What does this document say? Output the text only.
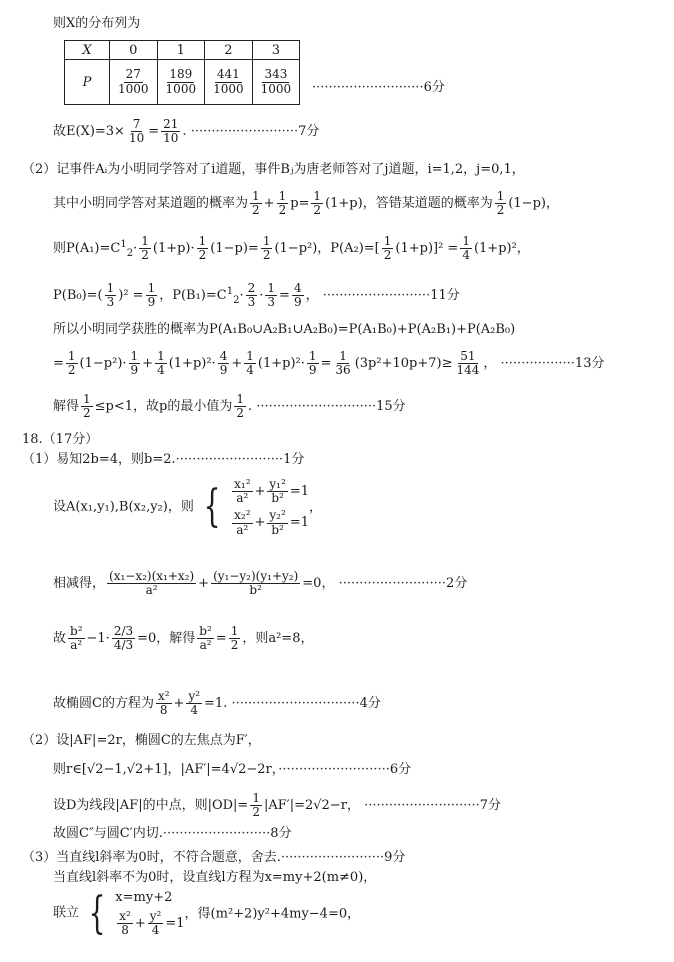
则X的分布列为
X	0	1	2	3
P	$\frac{27}{1000}$	$\frac{189}{1000}$	$\frac{441}{1000}$	$\frac{343}{1000} \cdot\cdot\cdot\cdot\cdot\cdot\cdot\cdot\cdot\cdot\cdot\cdot\cdot\cdot\cdot\cdot\cdot\cdot\cdot\cdot\cdot\cdot\cdot\cdot\cdot\cdot\cdot 6$分
故$E(X)=3\times \frac{7}{10} = \frac{21}{10}$ . ··························7分
（2）记事件Aᵢ为小明同学答对了i道题，事件Bⱼ为唐老师答对了j道题，i=1,2，j=0,1，
其中小明同学答对某道题的概率为 $\frac{1}{2} + \frac{1}{2} p= \frac{1}{2} (1+p)$，答错某道题的概率为 $\frac{1}{2} (1-p)$，
则$P(A_1)=C^1_2\cdot \frac{1}{2} (1+p)\cdot \frac{1}{2} (1-p)= \frac{1}{2} (1-p^2)$，$P(A_2)=[ \frac{1}{2} (1+p)]^2 = \frac{1}{4} (1+p)^2$，
$P(B_0)=( \frac{1}{3} )^2 = \frac{1}{9}$ ，$P(B_1)=C^1_2\cdot \frac{2}{3} \cdot \frac{1}{3} = \frac{4}{9}$ ， ··························11分
所以小明同学获胜的概率为P(A₁B₀∪A₂B₁∪A₂B₀)=P(A₁B₀)+P(A₂B₁)+P(A₂B₀)
= $\frac{1}{2} (1-p^2)\cdot \frac{1}{9} + \frac{1}{4} (1+p)^2\cdot \frac{4}{9} + \frac{1}{4} (1+p)^2\cdot \frac{1}{9} = \frac{1}{36} (3p^2+10p+7)\ge \frac{51}{144}$ ， ··················13分
解得 $\frac{1}{2} \le p<1$，故p的最小值为 $\frac{1}{2}$ . ·····························15分
18.（17分）
（1）易知2b=4，则b=2.··························1分
设A(x₁,y₁),B(x₂,y₂)，则 { $\frac{\text{x₁²}}{\text{a²}} + \frac{\text{y₁²}}{\text{b²}} =1$
$\frac{\text{x₂²}}{\text{a²}} + \frac{\text{y₂²}}{\text{b²}} =1$
，
相减得， $\frac{\text{(x₁−x₂)(x₁+x₂)}}{\text{a²}} + \frac{\text{(y₁−y₂)(y₁+y₂)}}{\text{b²}} =0$， ··························2分
故 $\frac{\text{b²}}{\text{a²}} -1\cdot \frac{2/3}{4/3} =0$，解得 $\frac{\text{b²}}{\text{a²}} = \frac{1}{2}$ ，则a²=8，
故椭圆C的方程为 $\frac{\text{x²}}{8} + \frac{\text{y²}}{4} =1$. ·······························4分
（2）设|AF|=2r，椭圆C的左焦点为F′，
则r∈[√2−1,√2+1]，|AF′|=4√2−2r，···························6分
设D为线段|AF|的中点，则$|OD|= \frac{1}{2} |AF'|=2√2-r$， ····························7分
故圆C″与圆C′内切.··························8分
（3）当直线l斜率为0时，不符合题意，舍去.·························9分
当直线l斜率不为0时，设直线l方程为x=my+2(m≠0)，
联立 { x=my+2
$\frac{\text{x²}}{8} + \frac{\text{y²}}{4} =1$
，得(m²+2)y²+4my−4=0，
